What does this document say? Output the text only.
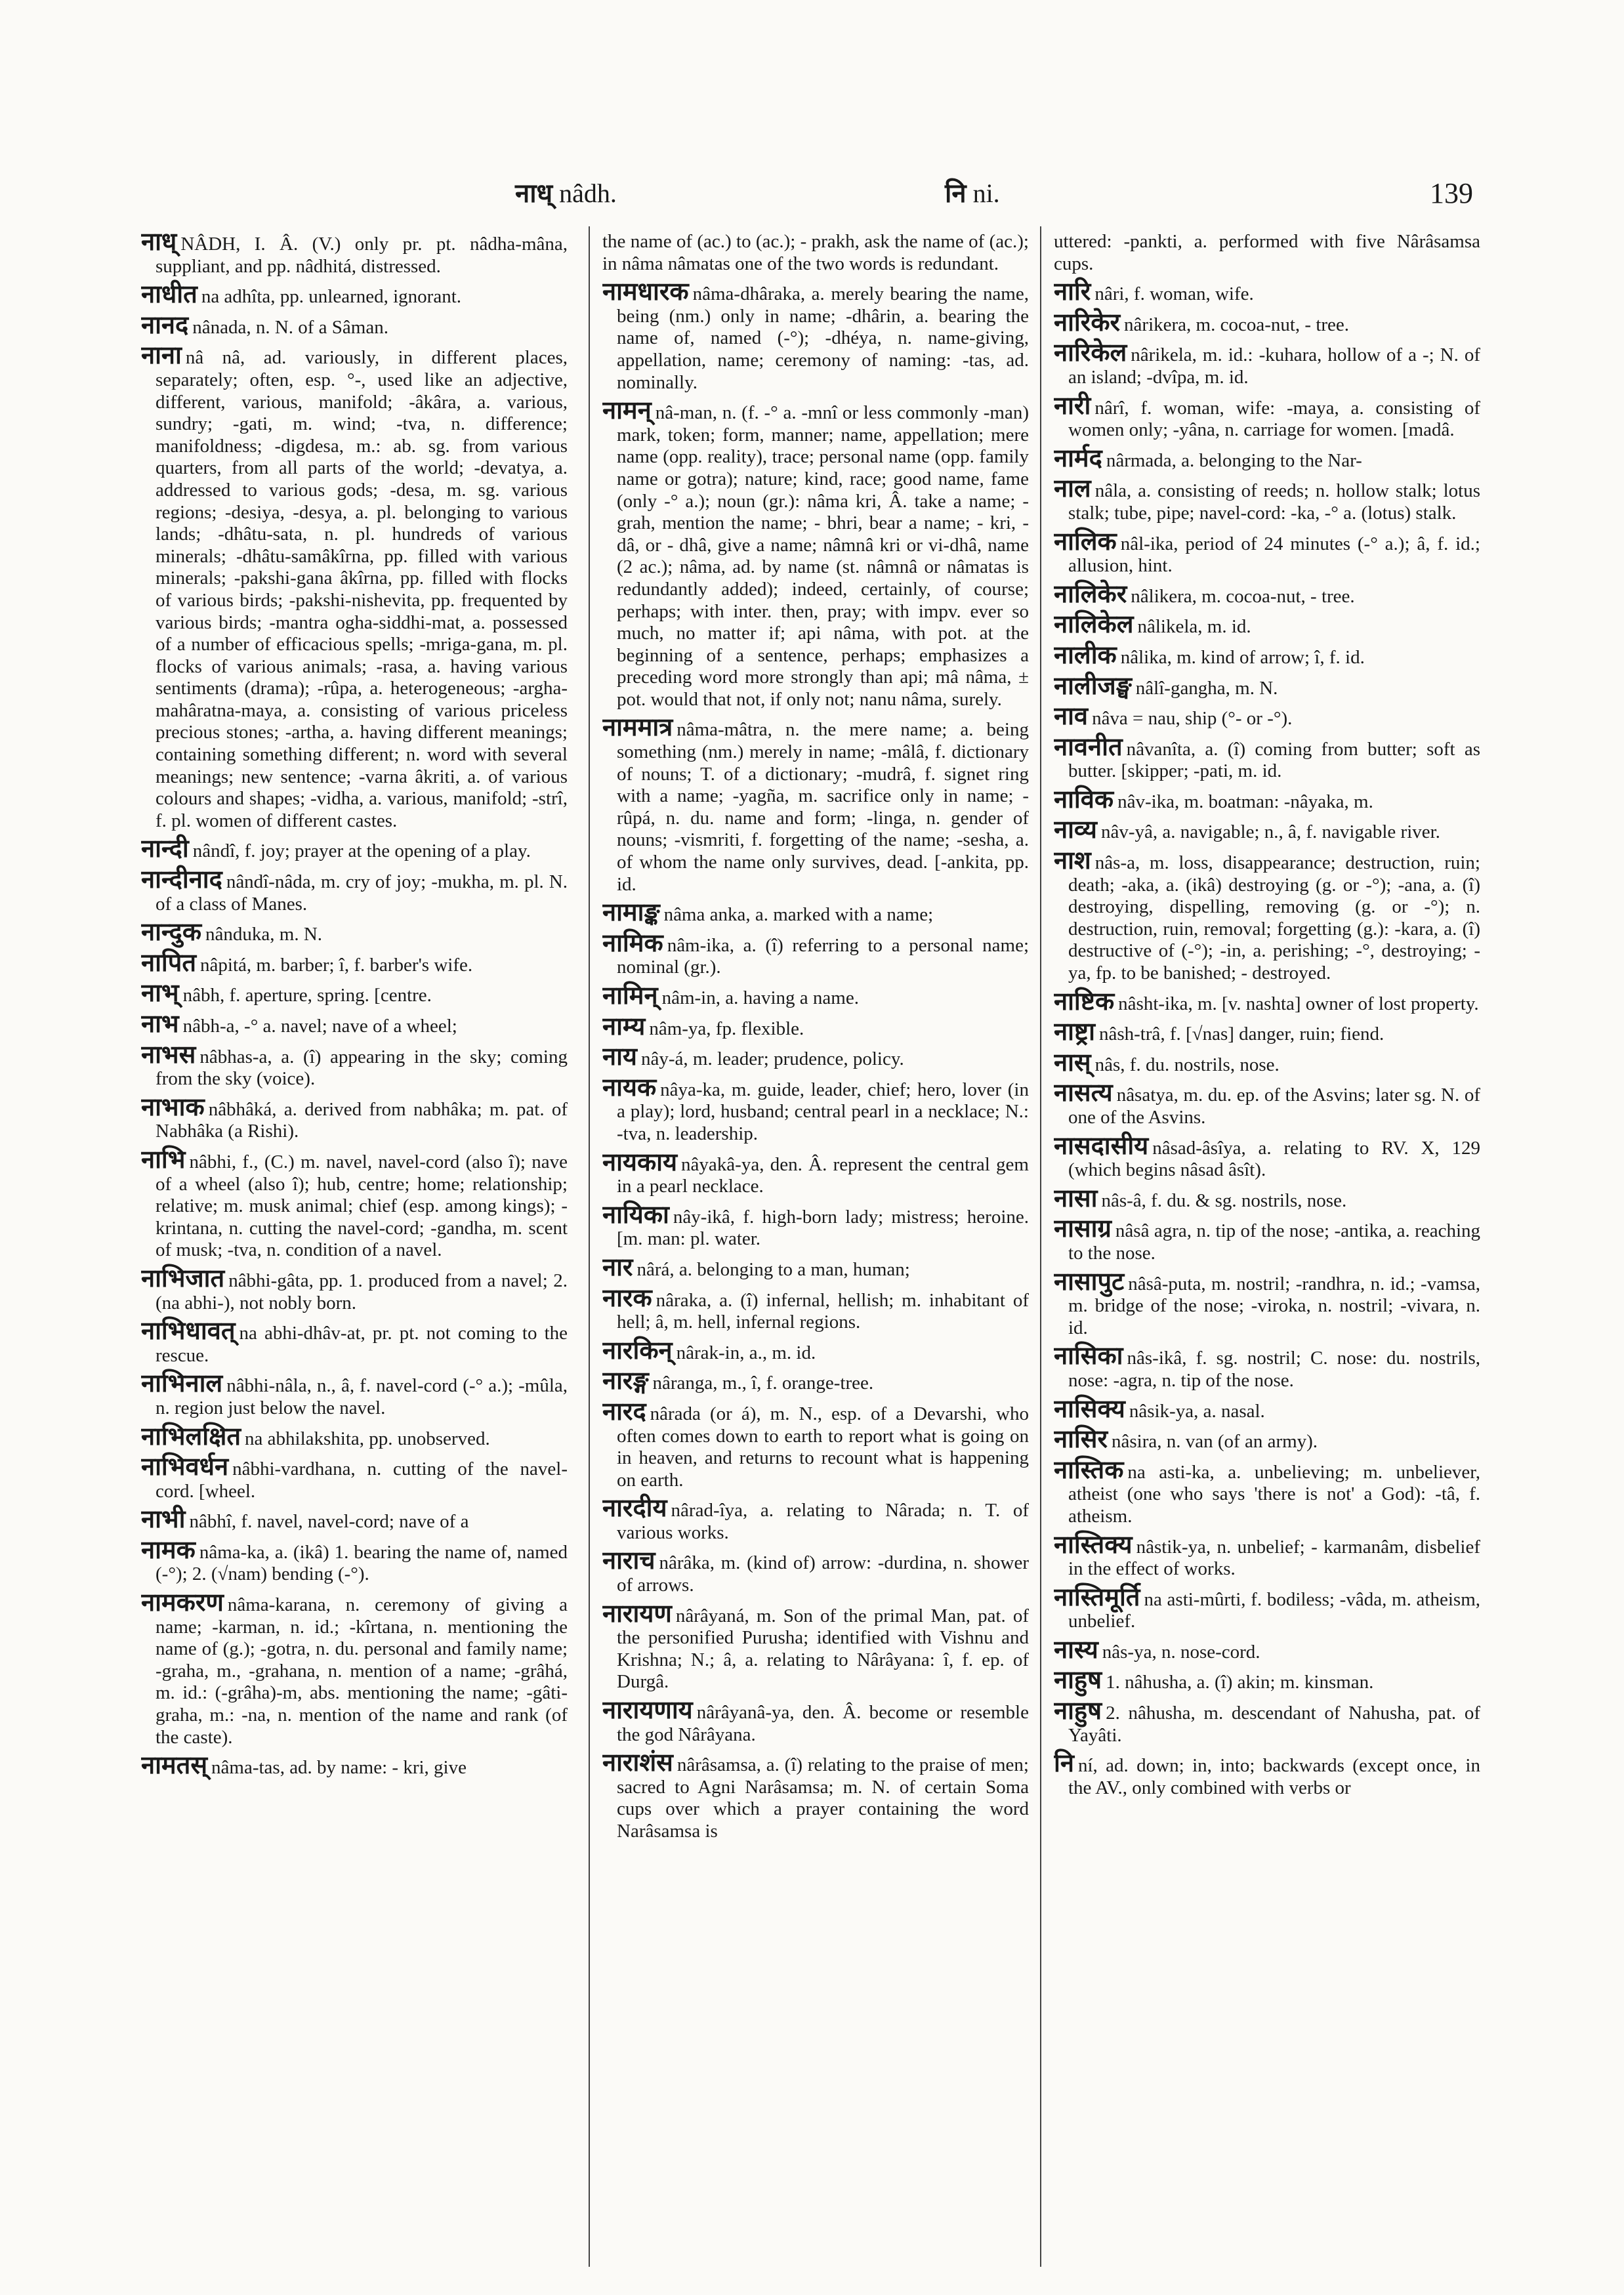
नाध् nâdh.	नि ni.	139
नाध् NÂDH, I. Â. (V.) only pr. pt. nâdha-mâna, suppliant, and pp. nâdhitá, distressed.
नाधीत na adhîta, pp. unlearned, ignorant.
नानद nânada, n. N. of a Sâman.
नाना nâ nâ, ad. variously, in different places, separately; often, esp. °-, used like an adjective, different, various, manifold; -âkâra, a. various, sundry; -gati, m. wind; -tva, n. difference; manifoldness; -digdesa, m.: ab. sg. from various quarters, from all parts of the world; -devatya, a. addressed to various gods; -desa, m. sg. various regions; -desiya, -desya, a. pl. belonging to various lands; -dhâtu-sata, n. pl. hundreds of various minerals; -dhâtu-samâkîrna, pp. filled with various minerals; -pakshi-gana âkîrna, pp. filled with flocks of various birds; -pakshi-nishevita, pp. frequented by various birds; -mantra ogha-siddhi-mat, a. possessed of a number of efficacious spells; -mriga-gana, m. pl. flocks of various animals; -rasa, a. having various sentiments (drama); -rûpa, a. heterogeneous; -argha-mahâratna-maya, a. consisting of various priceless precious stones; -artha, a. having different meanings; containing something different; n. word with several meanings; new sentence; -varna âkriti, a. of various colours and shapes; -vidha, a. various, manifold; -strî, f. pl. women of different castes.
नान्दी nândî, f. joy; prayer at the opening of a play.
नान्दीनाद nândî-nâda, m. cry of joy; -mukha, m. pl. N. of a class of Manes.
नान्दुक nânduka, m. N.
नापित nâpitá, m. barber; î, f. barber's wife.
नाभ् nâbh, f. aperture, spring. [centre.
नाभ nâbh-a, -° a. navel; nave of a wheel;
नाभस nâbhas-a, a. (î) appearing in the sky; coming from the sky (voice).
नाभाक nâbhâká, a. derived from nabhâka; m. pat. of Nabhâka (a Rishi).
नाभि nâbhi, f., (C.) m. navel, navel-cord (also î); nave of a wheel (also î); hub, centre; home; relationship; relative; m. musk animal; chief (esp. among kings); -krintana, n. cutting the navel-cord; -gandha, m. scent of musk; -tva, n. condition of a navel.
नाभिजात nâbhi-gâta, pp. 1. produced from a navel; 2. (na abhi-), not nobly born.
नाभिधावत् na abhi-dhâv-at, pr. pt. not coming to the rescue.
नाभिनाल nâbhi-nâla, n., â, f. navel-cord (-° a.); -mûla, n. region just below the navel.
नाभिलक्षित na abhilakshita, pp. unobserved.
नाभिवर्धन nâbhi-vardhana, n. cutting of the navel-cord. [wheel.
नाभी nâbhî, f. navel, navel-cord; nave of a
नामक nâma-ka, a. (ikâ) 1. bearing the name of, named (-°); 2. (√nam) bending (-°).
नामकरण nâma-karana, n. ceremony of giving a name; -karman, n. id.; -kîrtana, n. mentioning the name of (g.); -gotra, n. du. personal and family name; -graha, m., -grahana, n. mention of a name; -grâhá, m. id.: (-grâha)-m, abs. mentioning the name; -gâti-graha, m.: -na, n. mention of the name and rank (of the caste).
नामतस् nâma-tas, ad. by name: - kri, give
the name of (ac.) to (ac.); - prakh, ask the name of (ac.); in nâma nâmatas one of the two words is redundant.
नामधारक nâma-dhâraka, a. merely bearing the name, being (nm.) only in name; -dhârin, a. bearing the name of, named (-°); -dhéya, n. name-giving, appellation, name; ceremony of naming: -tas, ad. nominally.
नामन् nâ-man, n. (f. -° a. -mnî or less commonly -man) mark, token; form, manner; name, appellation; mere name (opp. reality), trace; personal name (opp. family name or gotra); nature; kind, race; good name, fame (only -° a.); noun (gr.): nâma kri, Â. take a name; - grah, mention the name; - bhri, bear a name; - kri, - dâ, or - dhâ, give a name; nâmnâ kri or vi-dhâ, name (2 ac.); nâma, ad. by name (st. nâmnâ or nâmatas is redundantly added); indeed, certainly, of course; perhaps; with inter. then, pray; with impv. ever so much, no matter if; api nâma, with pot. at the beginning of a sentence, perhaps; emphasizes a preceding word more strongly than api; mâ nâma, ± pot. would that not, if only not; nanu nâma, surely.
नाममात्र nâma-mâtra, n. the mere name; a. being something (nm.) merely in name; -mâlâ, f. dictionary of nouns; T. of a dictionary; -mudrâ, f. signet ring with a name; -yagña, m. sacrifice only in name; -rûpá, n. du. name and form; -linga, n. gender of nouns; -vismriti, f. forgetting of the name; -sesha, a. of whom the name only survives, dead. [-ankita, pp. id.
नामाङ्क nâma anka, a. marked with a name;
नामिक nâm-ika, a. (î) referring to a personal name; nominal (gr.).
नामिन् nâm-in, a. having a name.
नाम्य nâm-ya, fp. flexible.
नाय nây-á, m. leader; prudence, policy.
नायक nâya-ka, m. guide, leader, chief; hero, lover (in a play); lord, husband; central pearl in a necklace; N.: -tva, n. leadership.
नायकाय nâyakâ-ya, den. Â. represent the central gem in a pearl necklace.
नायिका nây-ikâ, f. high-born lady; mistress; heroine. [m. man: pl. water.
नार nârá, a. belonging to a man, human;
नारक nâraka, a. (î) infernal, hellish; m. inhabitant of hell; â, m. hell, infernal regions.
नारकिन् nârak-in, a., m. id.
नारङ्ग nâranga, m., î, f. orange-tree.
नारद nârada (or á), m. N., esp. of a Devarshi, who often comes down to earth to report what is going on in heaven, and returns to recount what is happening on earth.
नारदीय nârad-îya, a. relating to Nârada; n. T. of various works.
नाराच nârâka, m. (kind of) arrow: -durdina, n. shower of arrows.
नारायण nârâyaná, m. Son of the primal Man, pat. of the personified Purusha; identified with Vishnu and Krishna; N.; â, a. relating to Nârâyana: î, f. ep. of Durgâ.
नारायणाय nârâyanâ-ya, den. Â. become or resemble the god Nârâyana.
नाराशंस nârâsamsa, a. (î) relating to the praise of men; sacred to Agni Narâsamsa; m. N. of certain Soma cups over which a prayer containing the word Narâsamsa is
uttered: -pankti, a. performed with five Nârâsamsa cups.
नारि nâri, f. woman, wife.
नारिकेर nârikera, m. cocoa-nut, - tree.
नारिकेल nârikela, m. id.: -kuhara, hollow of a -; N. of an island; -dvîpa, m. id.
नारी nârî, f. woman, wife: -maya, a. consisting of women only; -yâna, n. carriage for women. [madâ.
नार्मद nârmada, a. belonging to the Nar-
नाल nâla, a. consisting of reeds; n. hollow stalk; lotus stalk; tube, pipe; navel-cord: -ka, -° a. (lotus) stalk.
नालिक nâl-ika, period of 24 minutes (-° a.); â, f. id.; allusion, hint.
नालिकेर nâlikera, m. cocoa-nut, - tree.
नालिकेल nâlikela, m. id.
नालीक nâlika, m. kind of arrow; î, f. id.
नालीजङ्घ nâlî-gangha, m. N.
नाव nâva = nau, ship (°- or -°).
नावनीत nâvanîta, a. (î) coming from butter; soft as butter. [skipper; -pati, m. id.
नाविक nâv-ika, m. boatman: -nâyaka, m.
नाव्य nâv-yâ, a. navigable; n., â, f. navigable river.
नाश nâs-a, m. loss, disappearance; destruction, ruin; death; -aka, a. (ikâ) destroying (g. or -°); -ana, a. (î) destroying, dispelling, removing (g. or -°); n. destruction, ruin, removal; forgetting (g.): -kara, a. (î) destructive of (-°); -in, a. perishing; -°, destroying; -ya, fp. to be banished; - destroyed.
नाष्टिक nâsht-ika, m. [v. nashta] owner of lost property.
नाष्ट्रा nâsh-trâ, f. [√nas] danger, ruin; fiend.
नास् nâs, f. du. nostrils, nose.
नासत्य nâsatya, m. du. ep. of the Asvins; later sg. N. of one of the Asvins.
नासदासीय nâsad-âsîya, a. relating to RV. X, 129 (which begins nâsad âsît).
नासा nâs-â, f. du. & sg. nostrils, nose.
नासाग्र nâsâ agra, n. tip of the nose; -antika, a. reaching to the nose.
नासापुट nâsâ-puta, m. nostril; -randhra, n. id.; -vamsa, m. bridge of the nose; -viroka, n. nostril; -vivara, n. id.
नासिका nâs-ikâ, f. sg. nostril; C. nose: du. nostrils, nose: -agra, n. tip of the nose.
नासिक्य nâsik-ya, a. nasal.
नासिर nâsira, n. van (of an army).
नास्तिक na asti-ka, a. unbelieving; m. unbeliever, atheist (one who says 'there is not' a God): -tâ, f. atheism.
नास्तिक्य nâstik-ya, n. unbelief; - karmanâm, disbelief in the effect of works.
नास्तिमूर्ति na asti-mûrti, f. bodiless; -vâda, m. atheism, unbelief.
नास्य nâs-ya, n. nose-cord.
नाहुष 1. nâhusha, a. (î) akin; m. kinsman.
नाहुष 2. nâhusha, m. descendant of Nahusha, pat. of Yayâti.
नि ní, ad. down; in, into; backwards (except once, in the AV., only combined with verbs or
